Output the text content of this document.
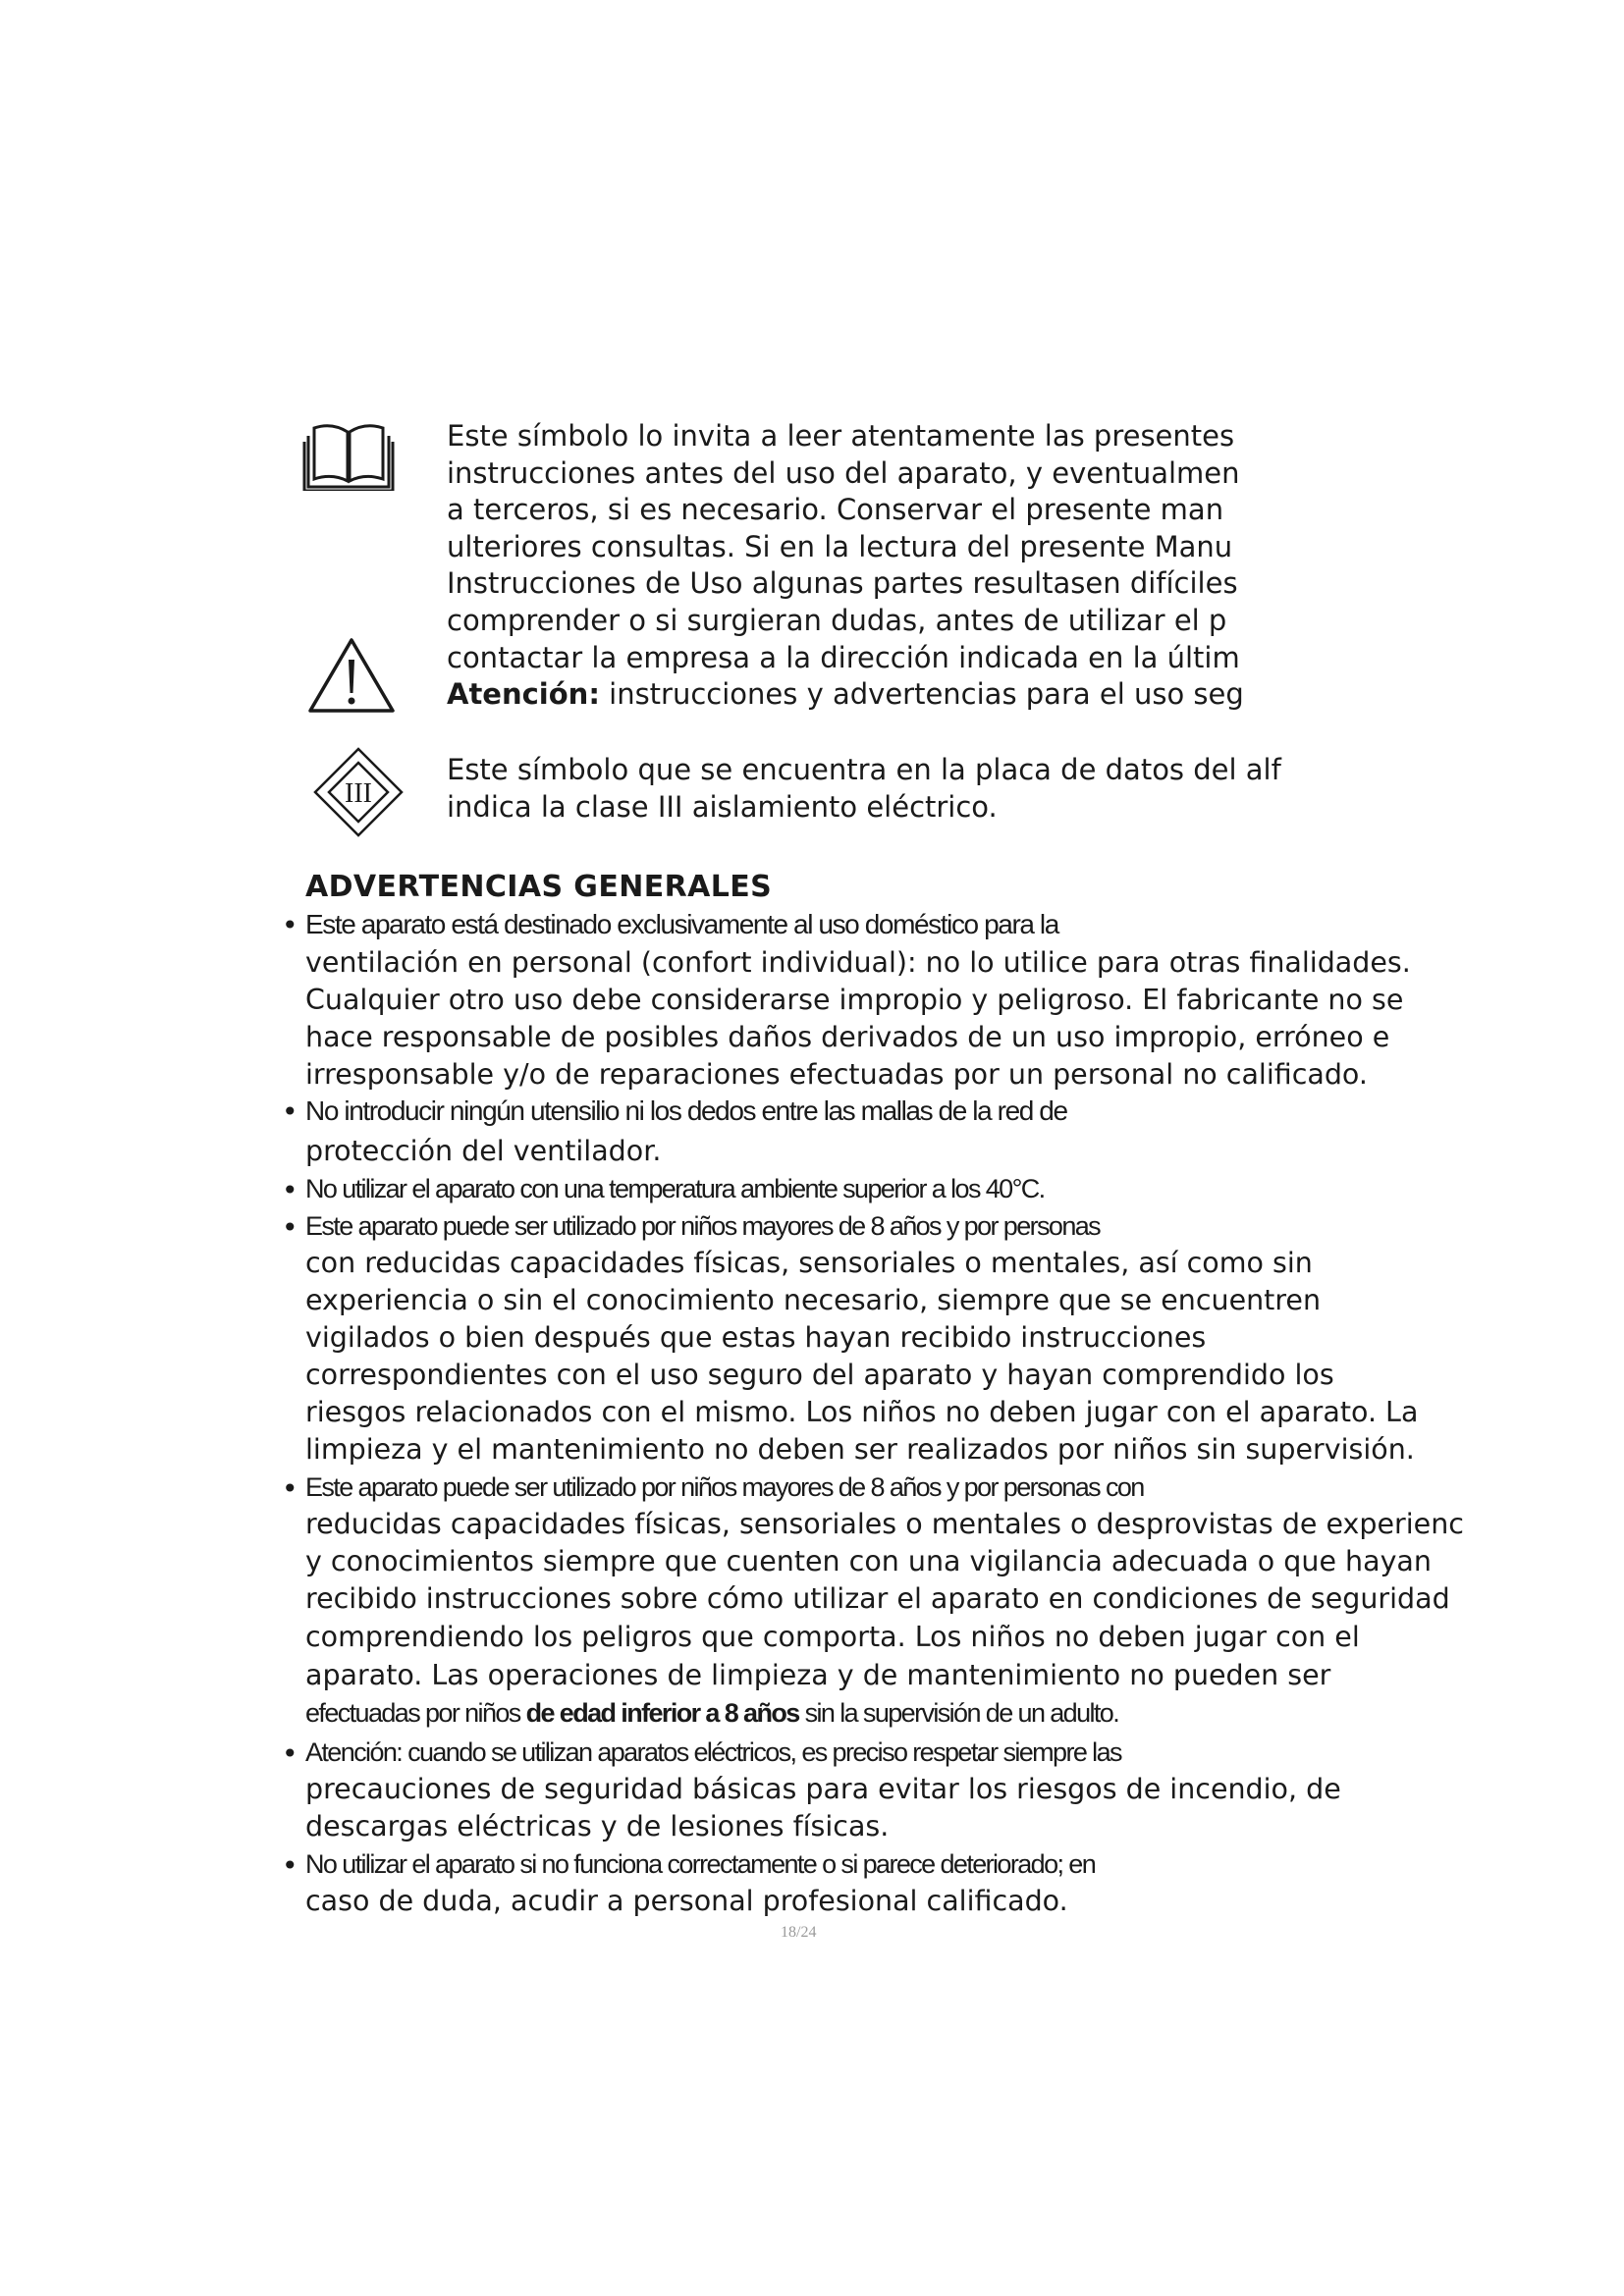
III
Este símbolo lo invita a leer atentamente las presentes
instrucciones antes del uso del aparato, y eventualmen
a terceros, si es necesario. Conservar el presente man
ulteriores consultas. Si en la lectura del presente Manu
Instrucciones de Uso algunas partes resultasen difíciles
comprender o si surgieran dudas, antes de utilizar el p
contactar la empresa a la dirección indicada en la últim
Atención: instrucciones y advertencias para el uso seg
Este símbolo que se encuentra en la placa de datos del alf
indica la clase III aislamiento eléctrico.
ADVERTENCIAS GENERALES
• Este aparato está destinado exclusivamente al uso doméstico para la
ventilación en personal (confort individual): no lo utilice para otras finalidades.
Cualquier otro uso debe considerarse impropio y peligroso. El fabricante no se
hace responsable de posibles daños derivados de un uso impropio, erróneo e
irresponsable y/o de reparaciones efectuadas por un personal no calificado.
• No introducir ningún utensilio ni los dedos entre las mallas de la red de
protección del ventilador.
• No utilizar el aparato con una temperatura ambiente superior a los 40°C.
• Este aparato puede ser utilizado por niños mayores de 8 años y por personas
con reducidas capacidades físicas, sensoriales o mentales, así como sin
experiencia o sin el conocimiento necesario, siempre que se encuentren
vigilados o bien después que estas hayan recibido instrucciones
correspondientes con el uso seguro del aparato y hayan comprendido los
riesgos relacionados con el mismo. Los niños no deben jugar con el aparato. La
limpieza y el mantenimiento no deben ser realizados por niños sin supervisión.
• Este aparato puede ser utilizado por niños mayores de 8 años y por personas con
reducidas capacidades físicas, sensoriales o mentales o desprovistas de experienc
y conocimientos siempre que cuenten con una vigilancia adecuada o que hayan
recibido instrucciones sobre cómo utilizar el aparato en condiciones de seguridad
comprendiendo los peligros que comporta. Los niños no deben jugar con el
aparato. Las operaciones de limpieza y de mantenimiento no pueden ser
efectuadas por niños de edad inferior a 8 años sin la supervisión de un adulto.
• Atención: cuando se utilizan aparatos eléctricos, es preciso respetar siempre las
precauciones de seguridad básicas para evitar los riesgos de incendio, de
descargas eléctricas y de lesiones físicas.
• No utilizar el aparato si no funciona correctamente o si parece deteriorado; en
caso de duda, acudir a personal profesional calificado.
18/24
